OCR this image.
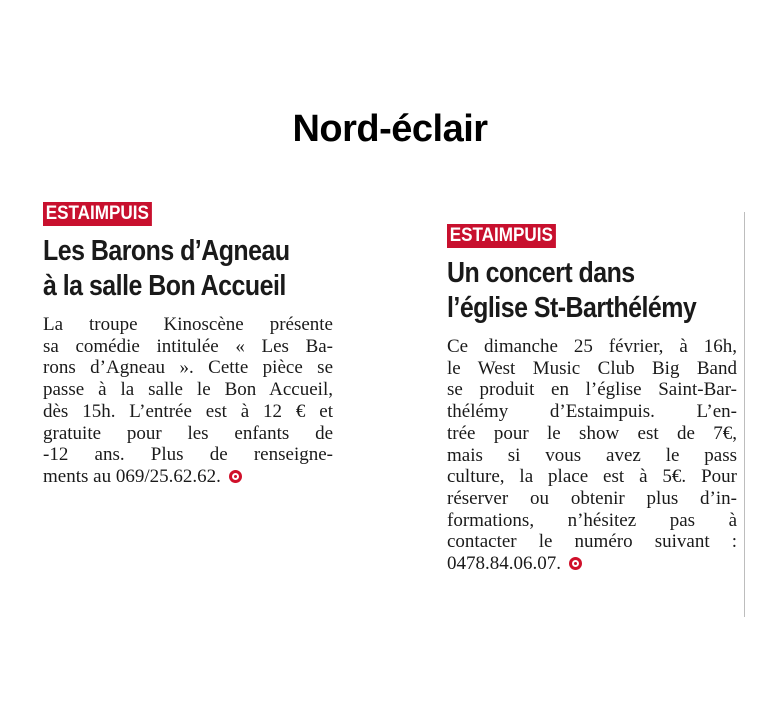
Nord-éclair
ESTAIMPUIS
Les Barons d’Agneau
à la salle Bon Accueil
La troupe Kinoscène présente
sa comédie intitulée « Les Ba-
rons d’Agneau ». Cette pièce se
passe à la salle le Bon Accueil,
dès 15h. L’entrée est à 12 € et
gratuite pour les enfants de
-12 ans. Plus de renseigne-
ments au 069/25.62.62.
ESTAIMPUIS
Un concert dans
l’église St-Barthélémy
Ce dimanche 25 février, à 16h,
le West Music Club Big Band
se produit en l’église Saint-Bar-
thélémy d’Estaimpuis. L’en-
trée pour le show est de 7€,
mais si vous avez le pass
culture, la place est à 5€. Pour
réserver ou obtenir plus d’in-
formations, n’hésitez pas à
contacter le numéro suivant :
0478.84.06.07.
